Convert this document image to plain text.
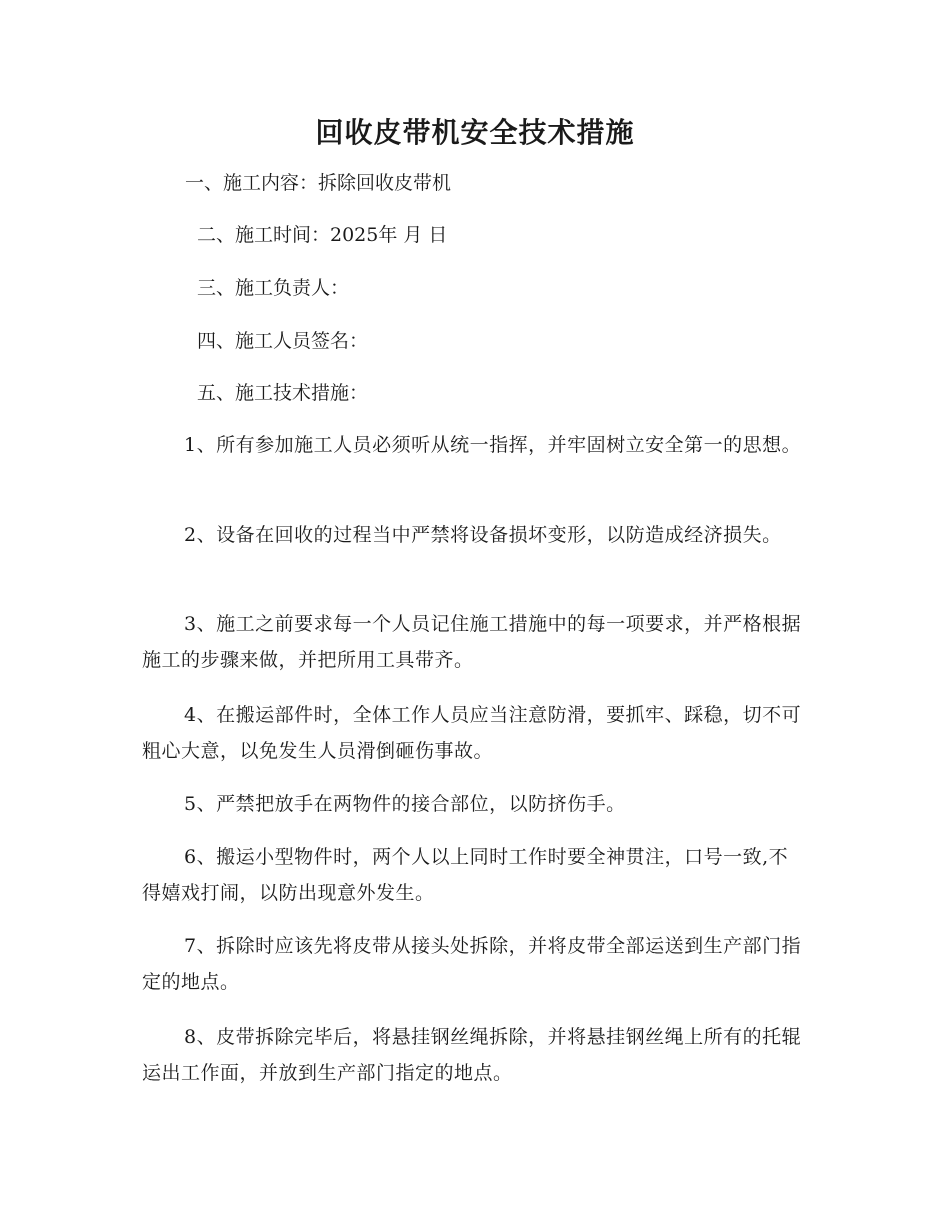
回收皮带机安全技术措施

一、施工内容：拆除回收皮带机

二、施工时间：2025年 月 日

三、施工负责人：

四、施工人员签名：

五、施工技术措施：

1、所有参加施工人员必须听从统一指挥，并牢固树立安全第一的思想。

2、设备在回收的过程当中严禁将设备损坏变形，以防造成经济损失。

3、施工之前要求每一个人员记住施工措施中的每一项要求，并严格根据施工的步骤来做，并把所用工具带齐。

4、在搬运部件时，全体工作人员应当注意防滑，要抓牢、踩稳，切不可粗心大意，以免发生人员滑倒砸伤事故。

5、严禁把放手在两物件的接合部位，以防挤伤手。

6、搬运小型物件时，两个人以上同时工作时要全神贯注，口号一致,不得嬉戏打闹，以防出现意外发生。

7、拆除时应该先将皮带从接头处拆除，并将皮带全部运送到生产部门指定的地点。

8、皮带拆除完毕后，将悬挂钢丝绳拆除，并将悬挂钢丝绳上所有的托辊运出工作面，并放到生产部门指定的地点。
